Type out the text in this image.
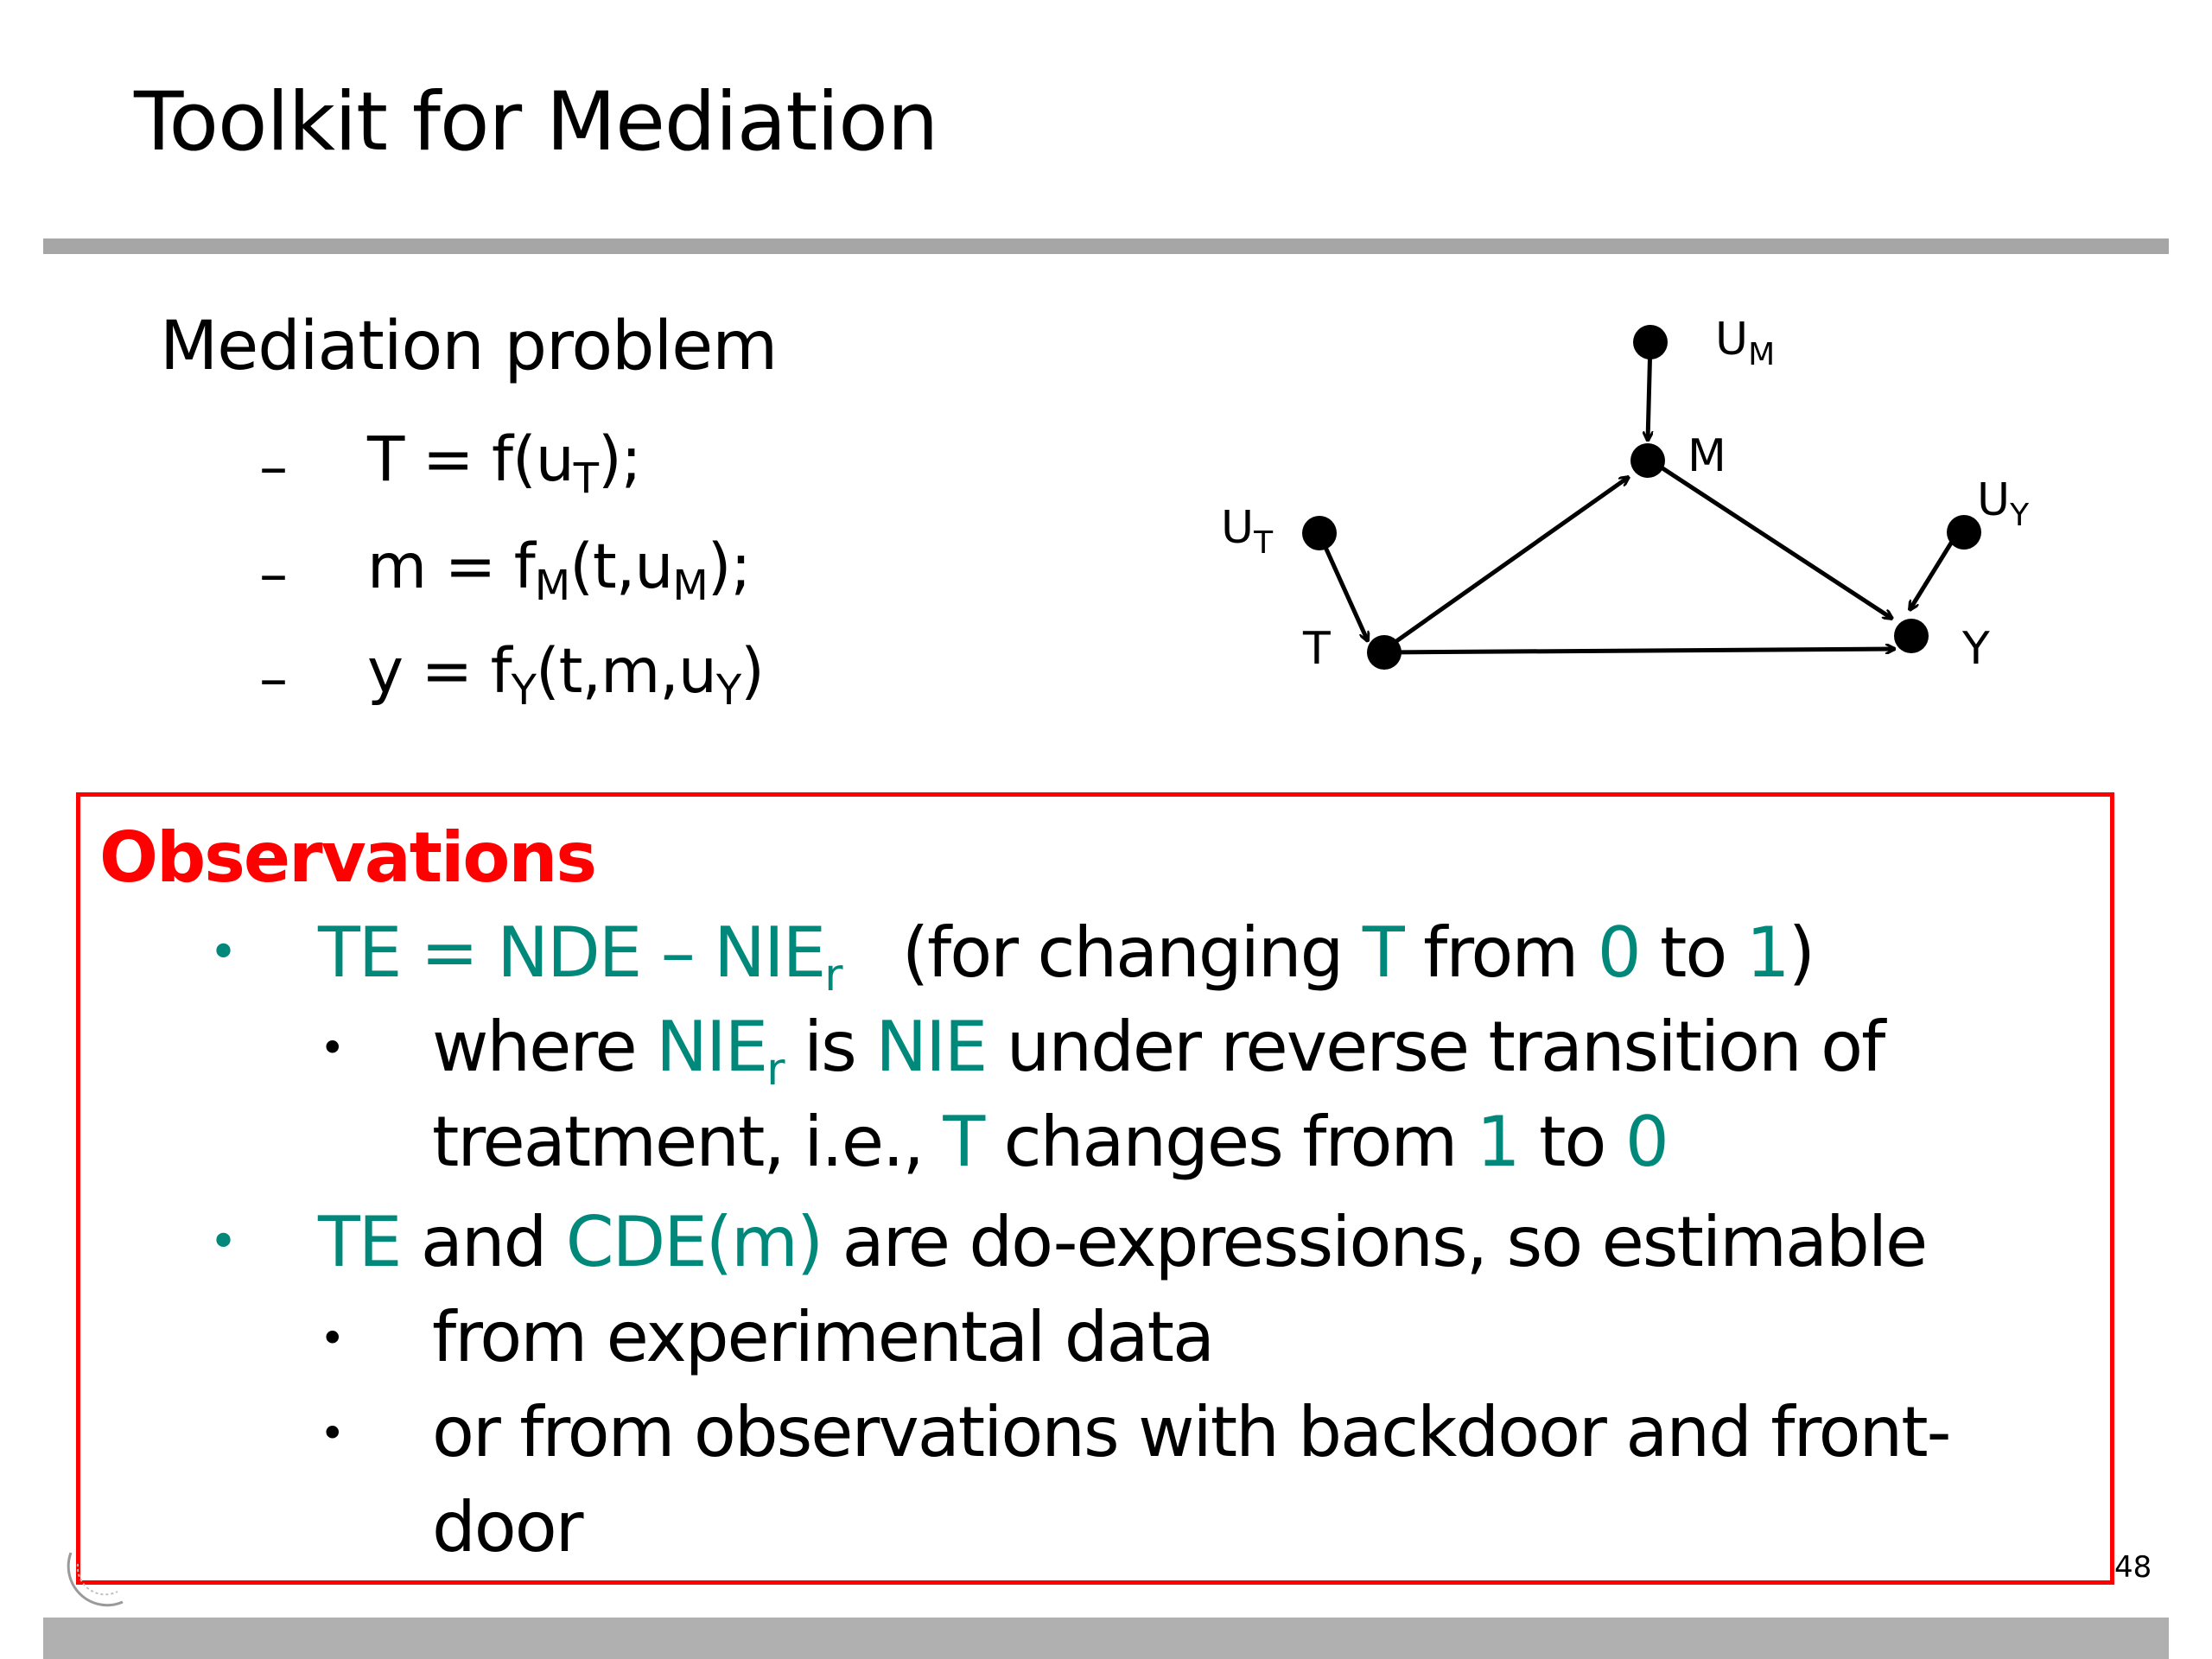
Toolkit for Mediation
Mediation problem
– $T = f(u_T)$;
– $m = f_M(t,u_M)$;
– $y = f_Y(t,m,u_Y)$
$U_M$
M
$U_T$
T
$U_Y$
Y
Observations
• TE = NDE – $NIE_r$ (for changing T from 0 to 1)
• where $NIE_r$ is NIE under reverse transition of
treatment, i.e., T changes from 1 to 0
• TE and CDE(m) are do-expressions, so estimable
• from experimental data
• or from observations with backdoor and front-
door	48
